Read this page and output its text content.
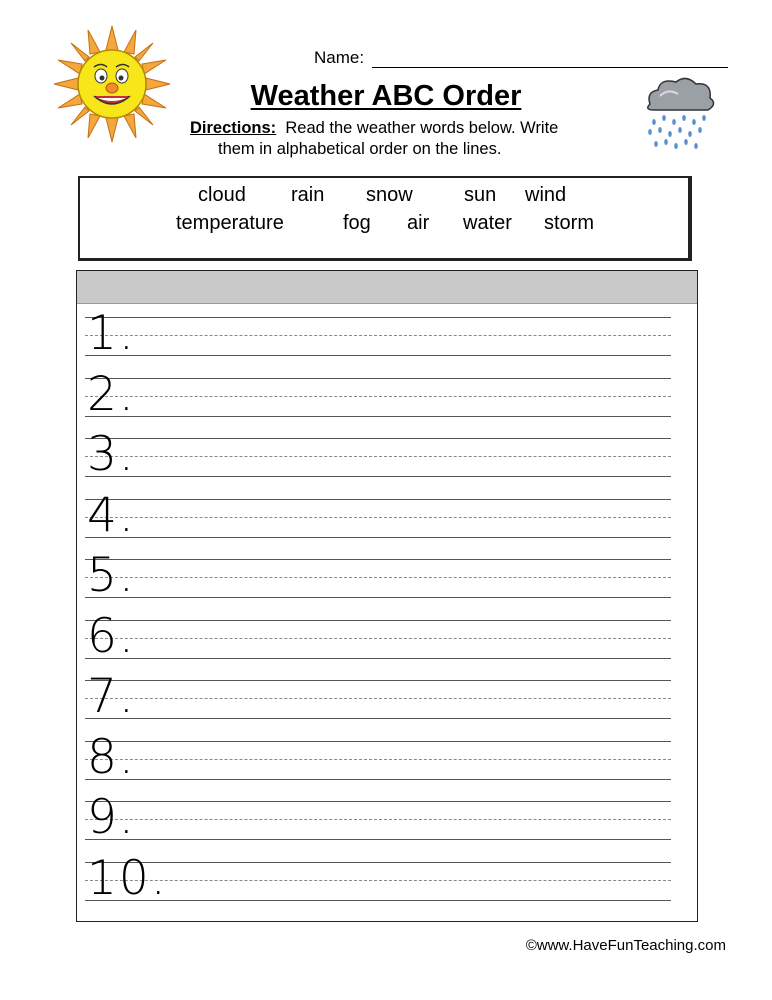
Name:
Weather ABC Order
Directions: Read the weather words below. Write
them in alphabetical order on the lines.
cloud rain snow	sun wind
temperature	fog air water storm
1.
2.
3.
4.
5.
6.
7.
8.
9.
10.
©www.HaveFunTeaching.com
